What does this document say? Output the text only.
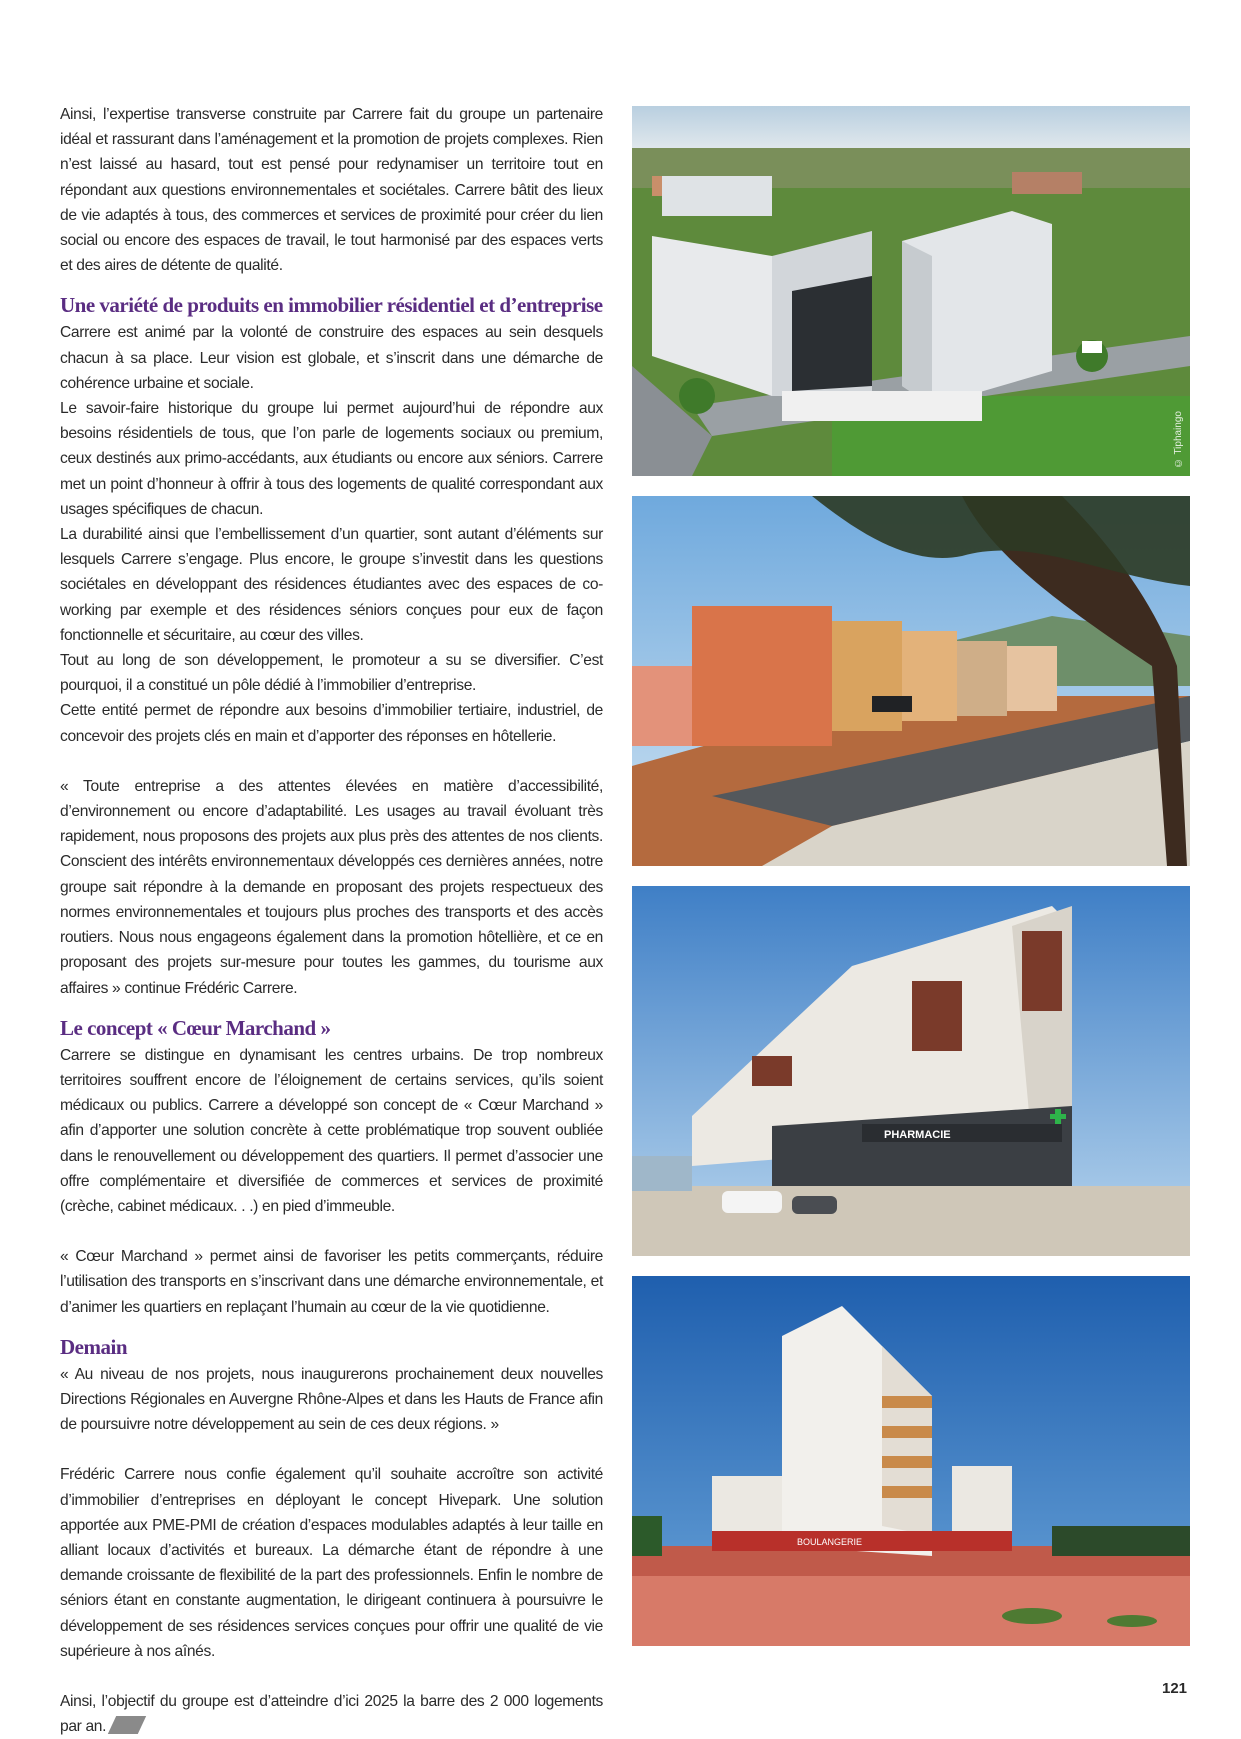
Ainsi, l’expertise transverse construite par Carrere fait du groupe un partenaire idéal et rassurant dans l’aménagement et la promotion de projets complexes. Rien n’est laissé au hasard, tout est pensé pour redynamiser un territoire tout en répondant aux questions environnementales et sociétales. Carrere bâtit des lieux de vie adaptés à tous, des commerces et services de proximité pour créer du lien social ou encore des espaces de travail, le tout harmonisé par des espaces verts et des aires de détente de qualité.

Une variété de produits en immobilier résidentiel et d’entreprise

Carrere est animé par la volonté de construire des espaces au sein desquels chacun à sa place. Leur vision est globale, et s’inscrit dans une démarche de cohérence urbaine et sociale.

Le savoir-faire historique du groupe lui permet aujourd’hui de répondre aux besoins résidentiels de tous, que l’on parle de logements sociaux ou premium, ceux destinés aux primo-accédants, aux étudiants ou encore aux séniors. Carrere met un point d’honneur à offrir à tous des logements de qualité correspondant aux usages spécifiques de chacun.

La durabilité ainsi que l’embellissement d’un quartier, sont autant d’éléments sur lesquels Carrere s’engage. Plus encore, le groupe s’investit dans les questions sociétales en développant des résidences étudiantes avec des espaces de co-working par exemple et des résidences séniors conçues pour eux de façon fonctionnelle et sécuritaire, au cœur des villes.

Tout au long de son développement, le promoteur a su se diversifier. C’est pourquoi, il a constitué un pôle dédié à l’immobilier d’entreprise.

Cette entité permet de répondre aux besoins d’immobilier tertiaire, industriel, de concevoir des projets clés en main et d’apporter des réponses en hôtellerie.

« Toute entreprise a des attentes élevées en matière d’accessibilité, d’environnement ou encore d’adaptabilité. Les usages au travail évoluant très rapidement, nous proposons des projets aux plus près des attentes de nos clients. Conscient des intérêts environnementaux développés ces dernières années, notre groupe sait répondre à la demande en proposant des projets respectueux des normes environnementales et toujours plus proches des transports et des accès routiers. Nous nous engageons également dans la promotion hôtellière, et ce en proposant des projets sur-mesure pour toutes les gammes, du tourisme aux affaires » continue Frédéric Carrere.

Le concept « Cœur Marchand »

Carrere se distingue en dynamisant les centres urbains. De trop nombreux territoires souffrent encore de l’éloignement de certains services, qu’ils soient médicaux ou publics. Carrere a développé son concept de « Cœur Marchand » afin d’apporter une solution concrète à cette problématique trop souvent oubliée dans le renouvellement ou développement des quartiers. Il permet d’associer une offre complémentaire et diversifiée de commerces et services de proximité (crèche, cabinet médicaux. . .) en pied d’immeuble.

« Cœur Marchand » permet ainsi de favoriser les petits commerçants, réduire l’utilisation des transports en s’inscrivant dans une démarche environnementale, et d’animer les quartiers en replaçant l’humain au cœur de la vie quotidienne.

Demain

« Au niveau de nos projets, nous inaugurerons prochainement deux nouvelles Directions Régionales en Auvergne Rhône-Alpes et dans les Hauts de France afin de poursuivre notre développement au sein de ces deux régions. »

Frédéric Carrere nous confie également qu’il souhaite accroître son activité d’immobilier d’entreprises en déployant le concept Hivepark. Une solution apportée aux PME-PMI de création d’espaces modulables adaptés à leur taille en alliant locaux d’activités et bureaux. La démarche étant de répondre à une demande croissante de flexibilité de la part des professionnels. Enfin le nombre de séniors étant en constante augmentation, le dirigeant continuera à poursuivre le développement de ses résidences services conçues pour offrir une qualité de vie supérieure à nos aînés.

Ainsi, l’objectif du groupe est d’atteindre d’ici 2025 la barre des 2 000 logements par an.

© Tiphaingo
PHARMACIE
BOULANGERIE
121
